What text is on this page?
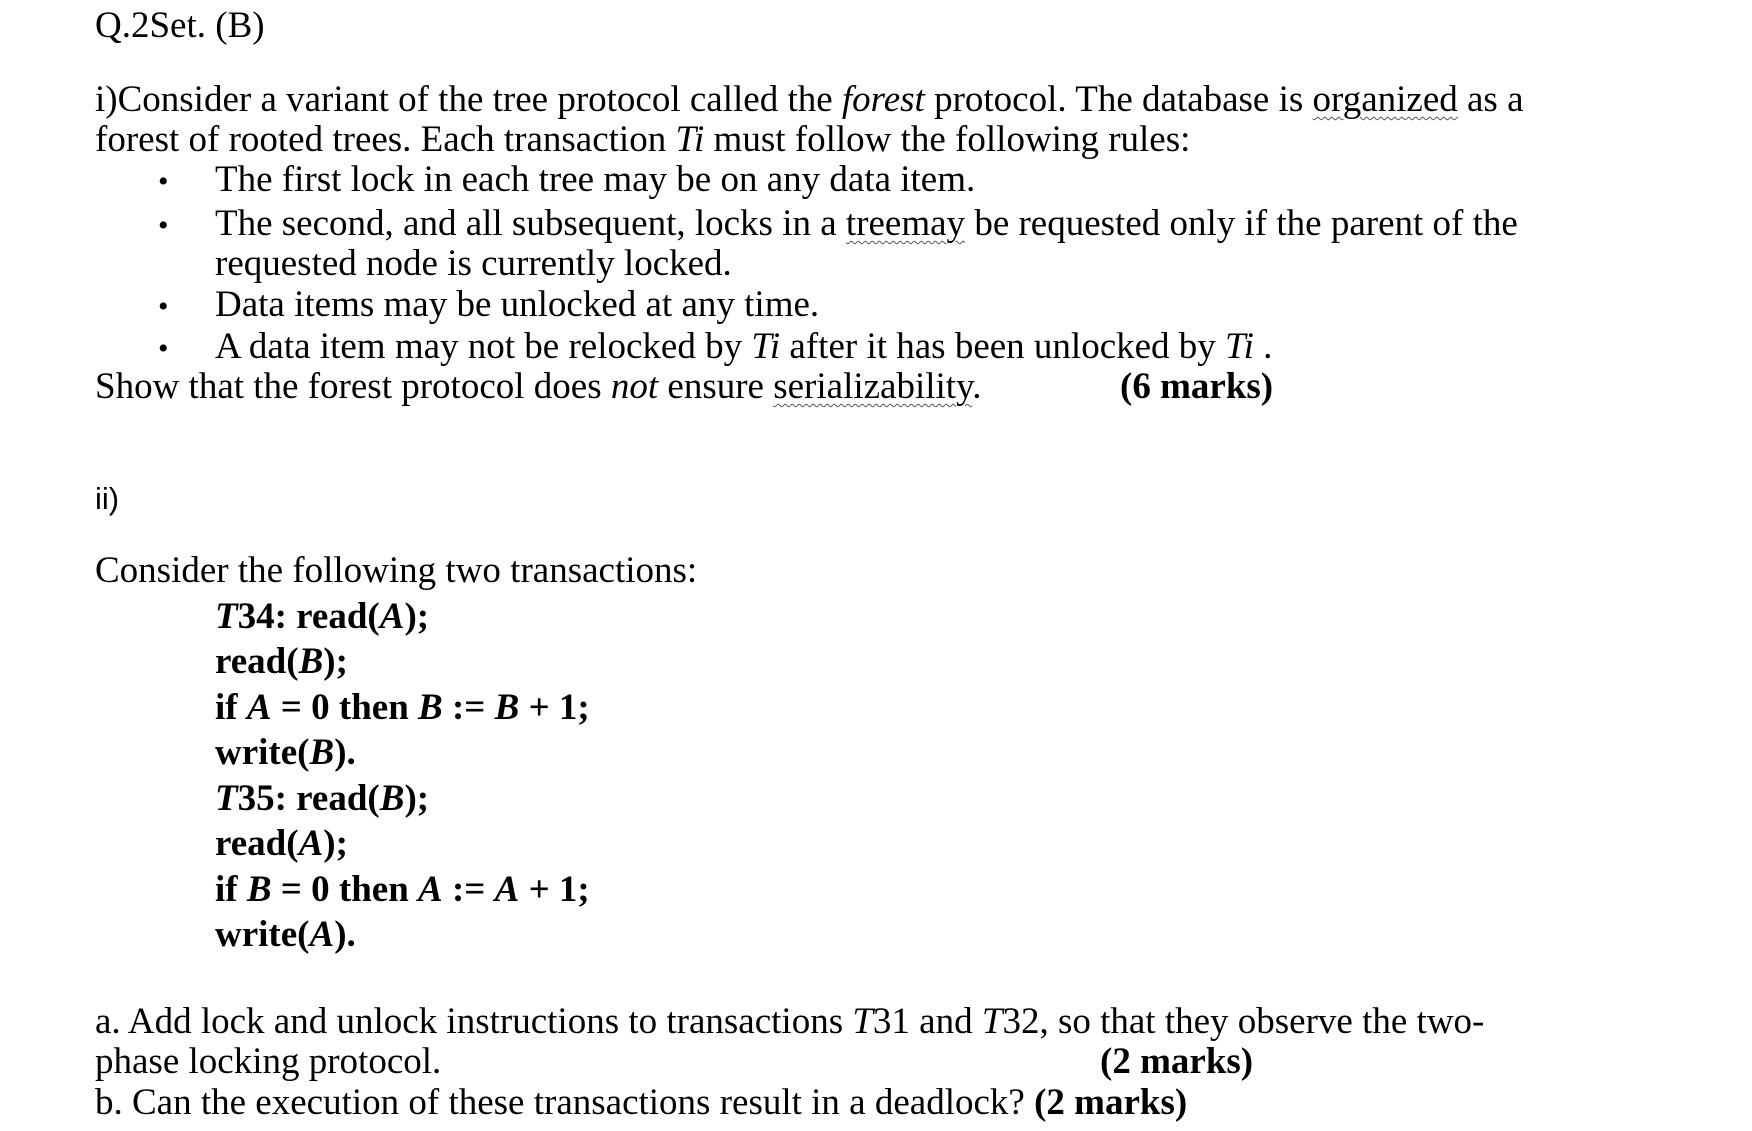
Q.2Set. (B)
i)Consider a variant of the tree protocol called the forest protocol. The database is organized as a
forest of rooted trees. Each transaction Ti must follow the following rules:
• The first lock in each tree may be on any data item.
• The second, and all subsequent, locks in a treemay be requested only if the parent of the
requested node is currently locked.
• Data items may be unlocked at any time.
• A data item may not be relocked by Ti after it has been unlocked by Ti .
Show that the forest protocol does not ensure serializability.	(6 marks)
ii)
Consider the following two transactions:
T34: read(A);
read(B);
if A = 0 then B := B + 1;
write(B).
T35: read(B);
read(A);
if B = 0 then A := A + 1;
write(A).
a. Add lock and unlock instructions to transactions T31 and T32, so that they observe the two-
phase locking protocol.	(2 marks)
b. Can the execution of these transactions result in a deadlock? (2 marks)
